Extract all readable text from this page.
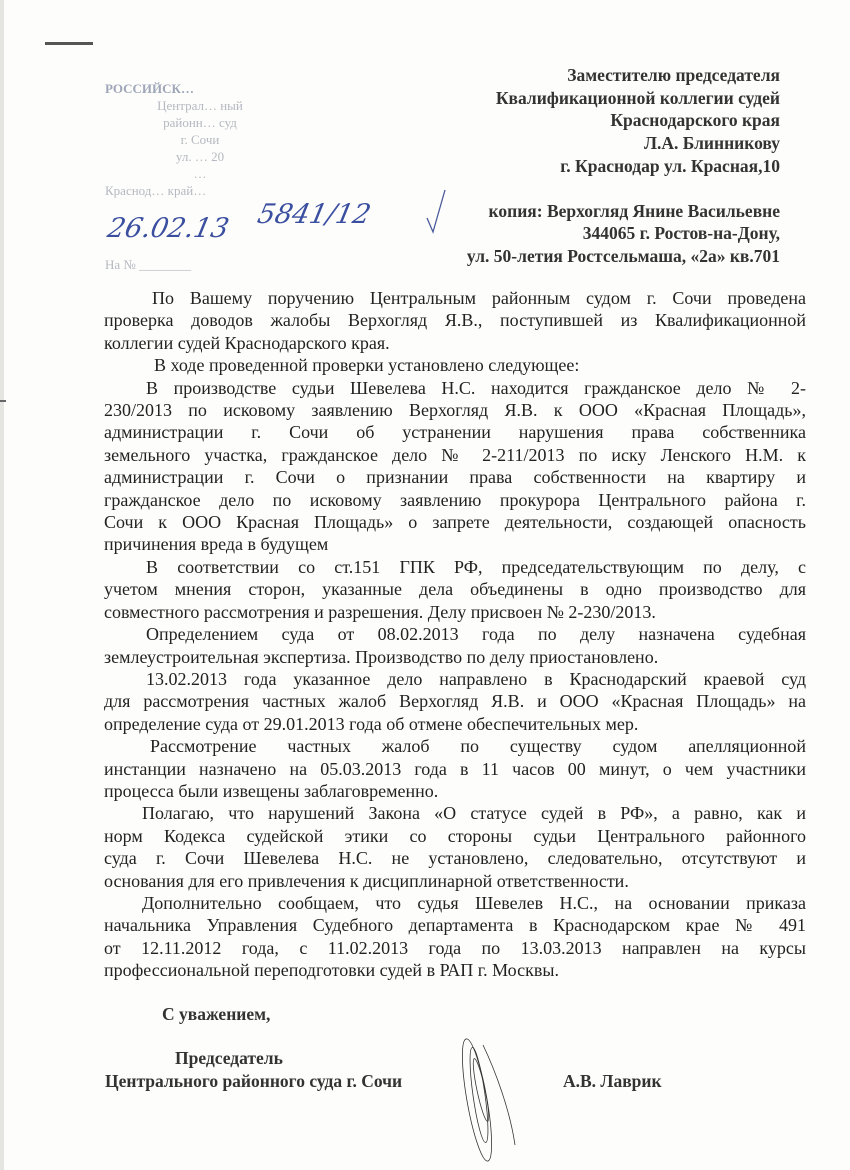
РОССИЙСК…
Централ… ный
районн… суд
г. Сочи
ул. … 20
…
Краснод… край…
На № ________
26.02.13 5841/12
Заместителю председателя
Квалификационной коллегии судей
Краснодарского края
Л.А. Блинникову
г. Краснодар ул. Красная,10
копия: Верхогляд Янине Васильевне
344065 г. Ростов-на-Дону,
ул. 50-летия Ростсельмаша, «2а» кв.701
По Вашему поручению Центральным районным судом г. Сочи проведена
проверка доводов жалобы Верхогляд Я.В., поступившей из Квалификационной
коллегии судей Краснодарского края.
В ходе проведенной проверки установлено следующее:
В производстве судьи Шевелева Н.С. находится гражданское дело № 2-
230/2013 по исковому заявлению Верхогляд Я.В. к ООО «Красная Площадь»,
администрации г. Сочи об устранении нарушения права собственника
земельного участка, гражданское дело № 2-211/2013 по иску Ленского Н.М. к
администрации г. Сочи о признании права собственности на квартиру и
гражданское дело по исковому заявлению прокурора Центрального района г.
Сочи к ООО Красная Площадь» о запрете деятельности, создающей опасность
причинения вреда в будущем
В соответствии со ст.151 ГПК РФ, председательствующим по делу, с
учетом мнения сторон, указанные дела объединены в одно производство для
совместного рассмотрения и разрешения. Делу присвоен № 2-230/2013.
Определением суда от 08.02.2013 года по делу назначена судебная
землеустроительная экспертиза. Производство по делу приостановлено.
13.02.2013 года указанное дело направлено в Краснодарский краевой суд
для рассмотрения частных жалоб Верхогляд Я.В. и ООО «Красная Площадь» на
определение суда от 29.01.2013 года об отмене обеспечительных мер.
Рассмотрение частных жалоб по существу судом апелляционной
инстанции назначено на 05.03.2013 года в 11 часов 00 минут, о чем участники
процесса были извещены заблаговременно.
Полагаю, что нарушений Закона «О статусе судей в РФ», а равно, как и
норм Кодекса судейской этики со стороны судьи Центрального районного
суда г. Сочи Шевелева Н.С. не установлено, следовательно, отсутствуют и
основания для его привлечения к дисциплинарной ответственности.
Дополнительно сообщаем, что судья Шевелев Н.С., на основании приказа
начальника Управления Судебного департамента в Краснодарском крае № 491
от 12.11.2012 года, с 11.02.2013 года по 13.03.2013 направлен на курсы
профессиональной переподготовки судей в РАП г. Москвы.
С уважением,
Председатель
Центрального районного суда г. Сочи	А.В. Лаврик
